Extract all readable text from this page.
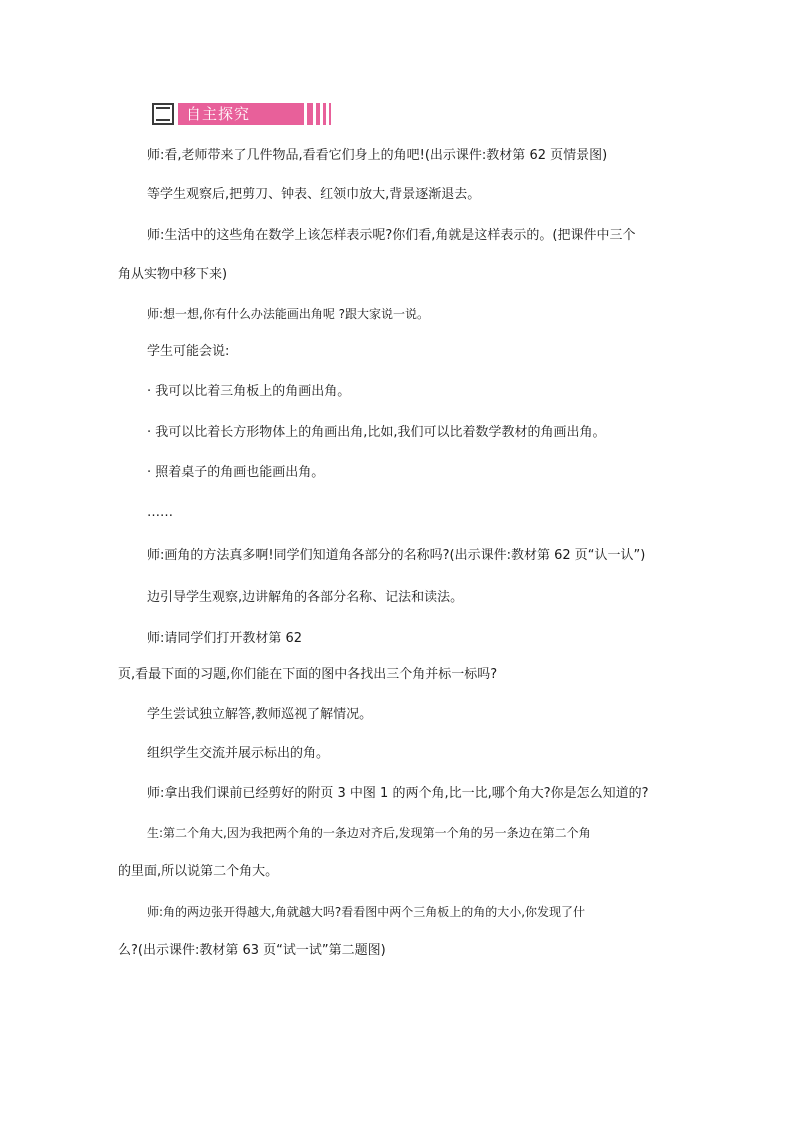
自主探究

师:看,老师带来了几件物品,看看它们身上的角吧!(出示课件:教材第 62 页情景图)

等学生观察后,把剪刀、钟表、红领巾放大,背景逐渐退去。

师:生活中的这些角在数学上该怎样表示呢?你们看,角就是这样表示的。(把课件中三个

角从实物中移下来)

师:想一想,你有什么办法能画出角呢 ?跟大家说一说。

学生可能会说:

· 我可以比着三角板上的角画出角。

· 我可以比着长方形物体上的角画出角,比如,我们可以比着数学教材的角画出角。

· 照着桌子的角画也能画出角。

……

师:画角的方法真多啊!同学们知道角各部分的名称吗?(出示课件:教材第 62 页“认一认”)

边引导学生观察,边讲解角的各部分名称、记法和读法。

师:请同学们打开教材第 62

页,看最下面的习题,你们能在下面的图中各找出三个角并标一标吗?

学生尝试独立解答,教师巡视了解情况。

组织学生交流并展示标出的角。

师:拿出我们课前已经剪好的附页 3 中图 1 的两个角,比一比,哪个角大?你是怎么知道的?

生:第二个角大,因为我把两个角的一条边对齐后,发现第一个角的另一条边在第二个角

的里面,所以说第二个角大。

师:角的两边张开得越大,角就越大吗?看看图中两个三角板上的角的大小,你发现了什

么?(出示课件:教材第 63 页“试一试”第二题图)
